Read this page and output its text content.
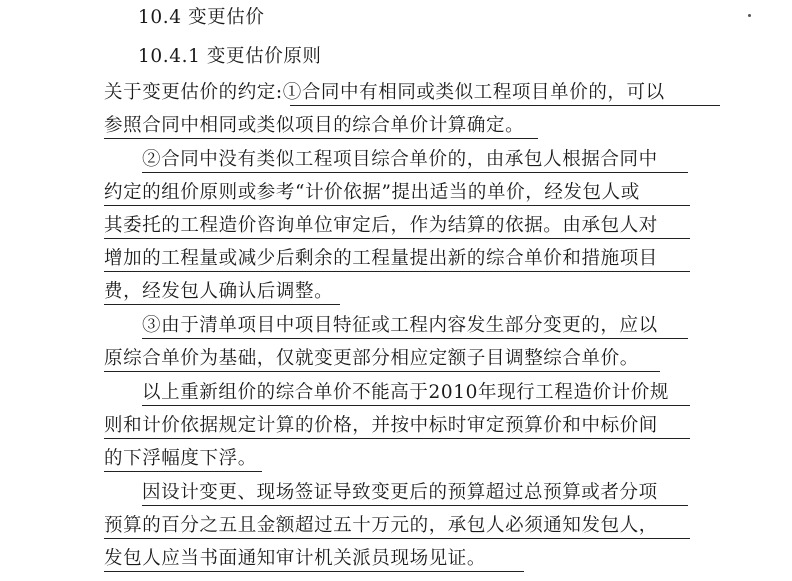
10.4 变更估价
10.4.1 变更估价原则
关于变更估价的约定:①合同中有相同或类似工程项目单价的，可以
参照合同中相同或类似项目的综合单价计算确定。
②合同中没有类似工程项目综合单价的，由承包人根据合同中
约定的组价原则或参考“计价依据”提出适当的单价，经发包人或
其委托的工程造价咨询单位审定后，作为结算的依据。由承包人对
增加的工程量或减少后剩余的工程量提出新的综合单价和措施项目
费，经发包人确认后调整。
③由于清单项目中项目特征或工程内容发生部分变更的，应以
原综合单价为基础，仅就变更部分相应定额子目调整综合单价。
以上重新组价的综合单价不能高于2010年现行工程造价计价规
则和计价依据规定计算的价格，并按中标时审定预算价和中标价间
的下浮幅度下浮。
因设计变更、现场签证导致变更后的预算超过总预算或者分项
预算的百分之五且金额超过五十万元的，承包人必须通知发包人，
发包人应当书面通知审计机关派员现场见证。
